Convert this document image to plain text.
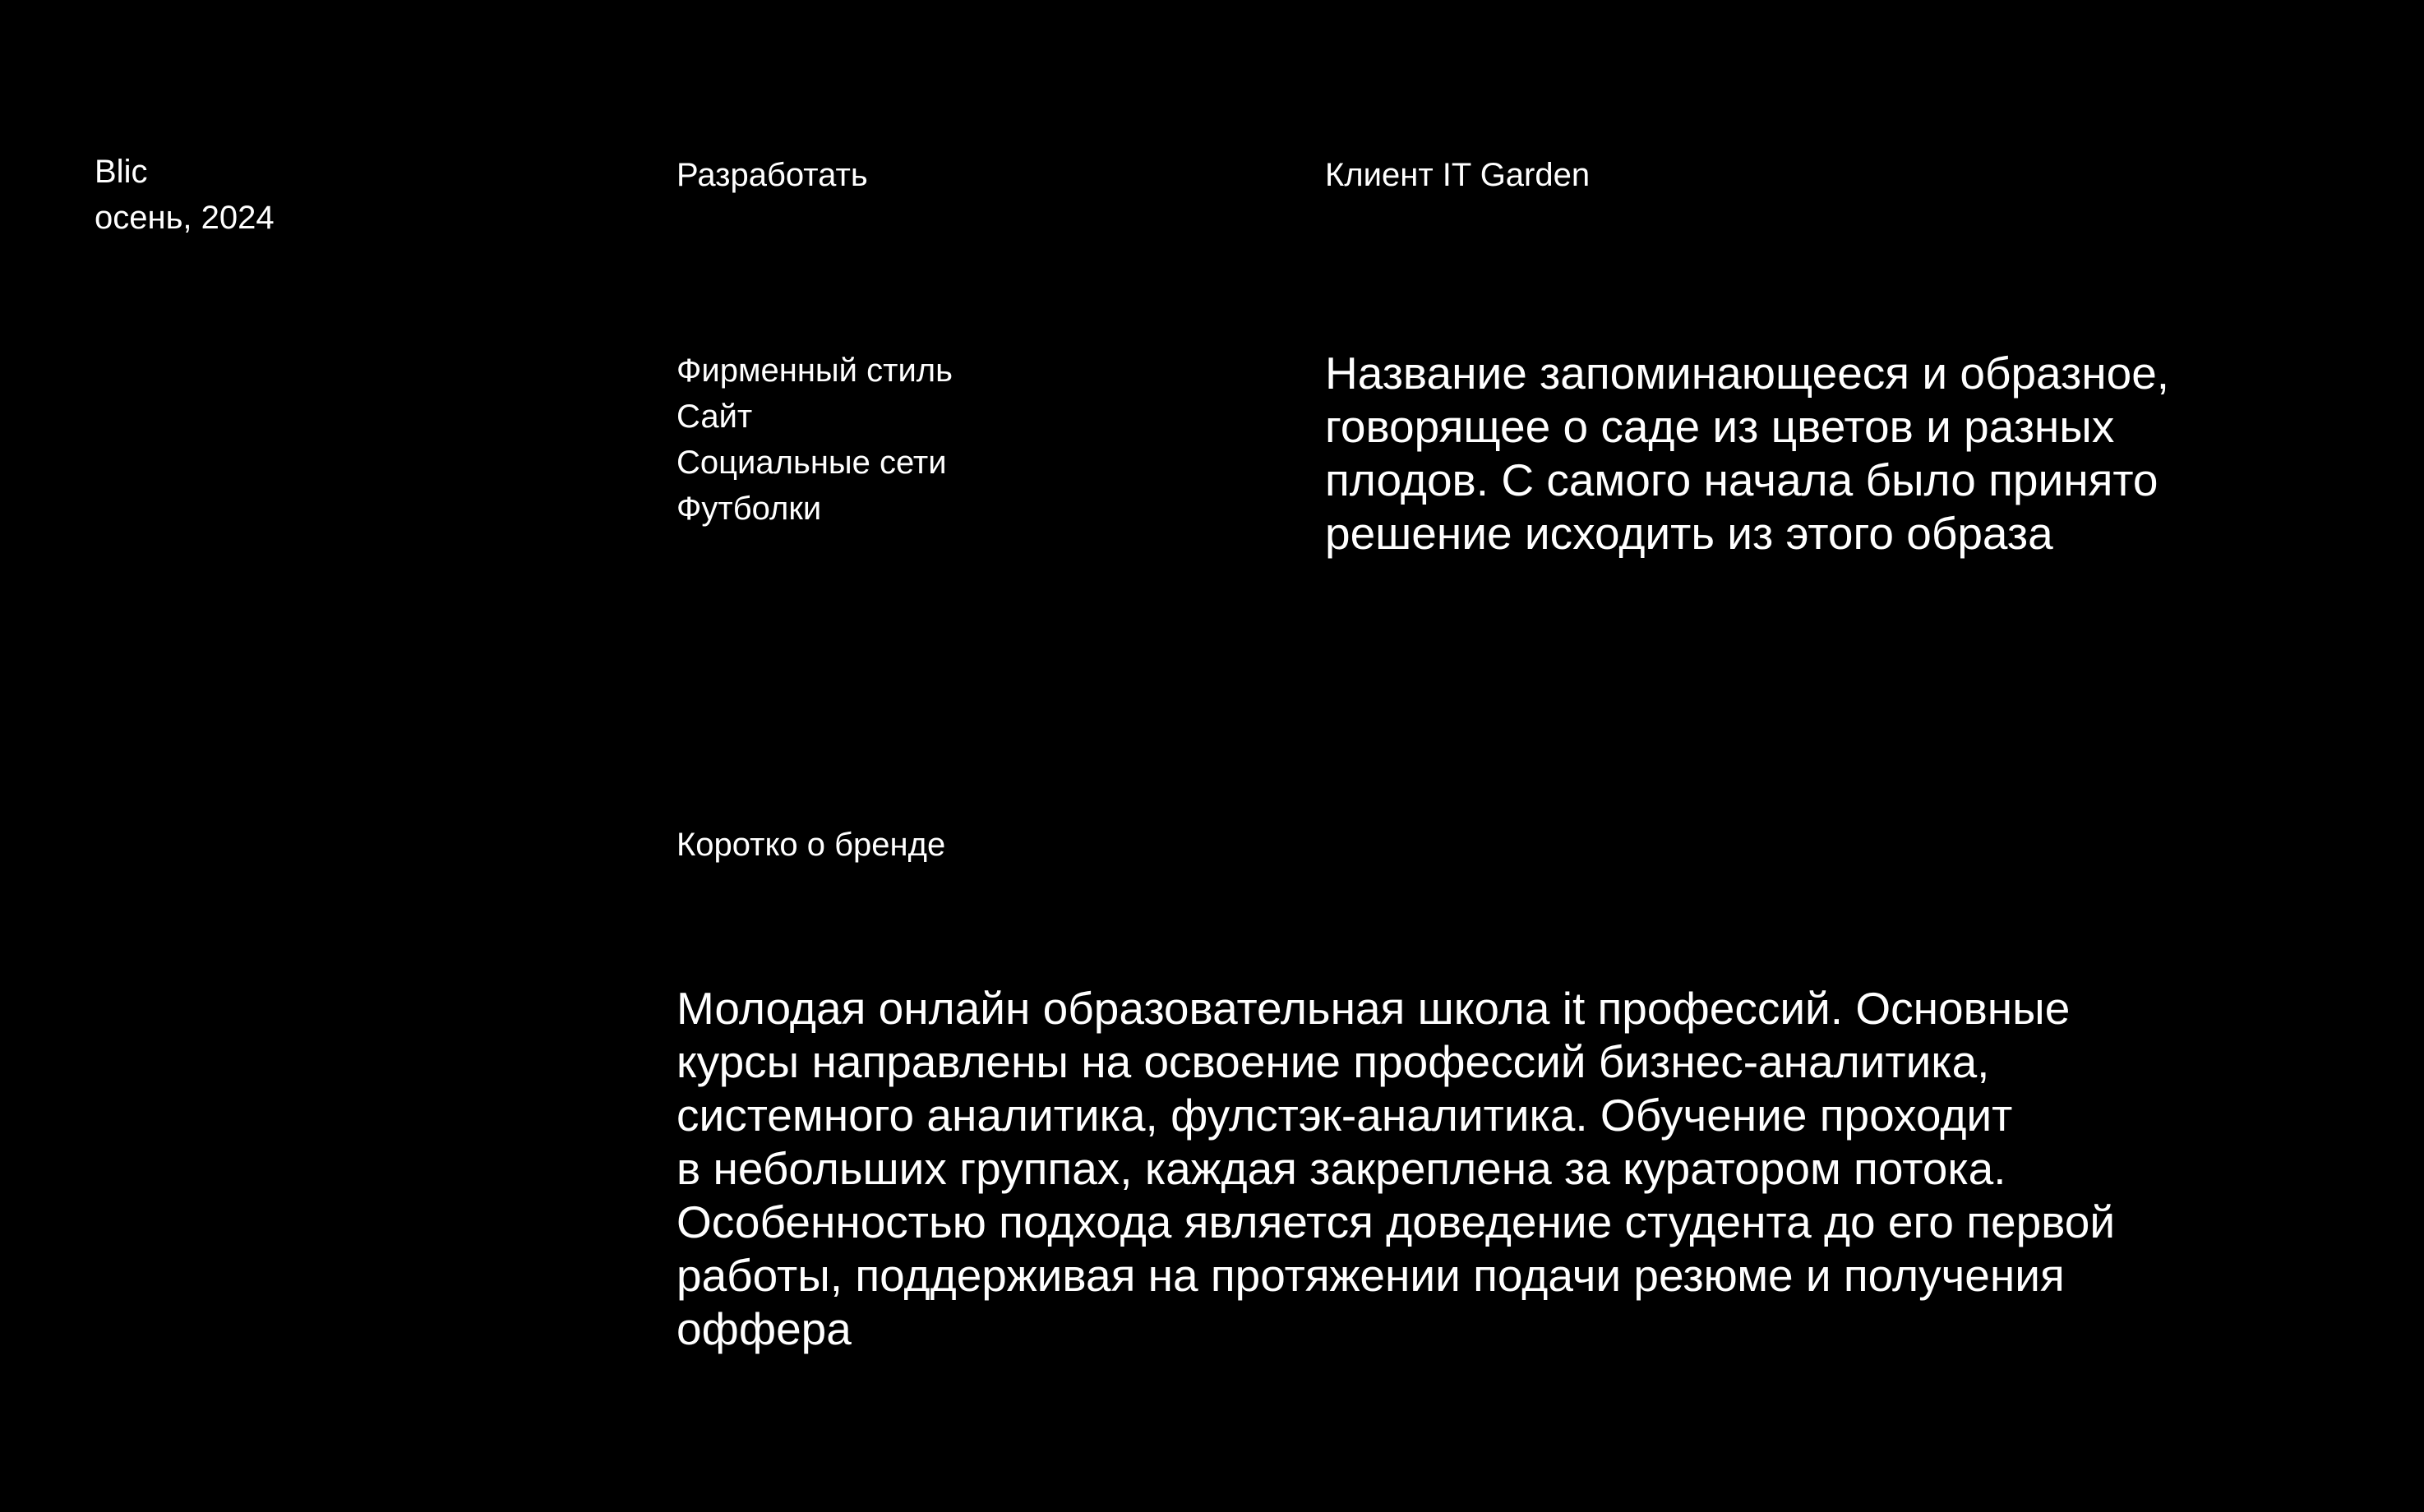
Blic
осень, 2024
Разработать	Клиент IT Garden
Фирменный стиль
Сайт
Социальные сети
Футболки
Название запоминающееся и образное,
говорящее о саде из цветов и разных
плодов. С самого начала было принято
решение исходить из этого образа
Коротко о бренде
Молодая онлайн образовательная школа it профессий. Основные
курсы направлены на освоение профессий бизнес-аналитика,
системного аналитика, фулстэк-аналитика. Обучение проходит
в небольших группах, каждая закреплена за куратором потока.
Особенностью подхода является доведение студента до его первой
работы, поддерживая на протяжении подачи резюме и получения
оффера
